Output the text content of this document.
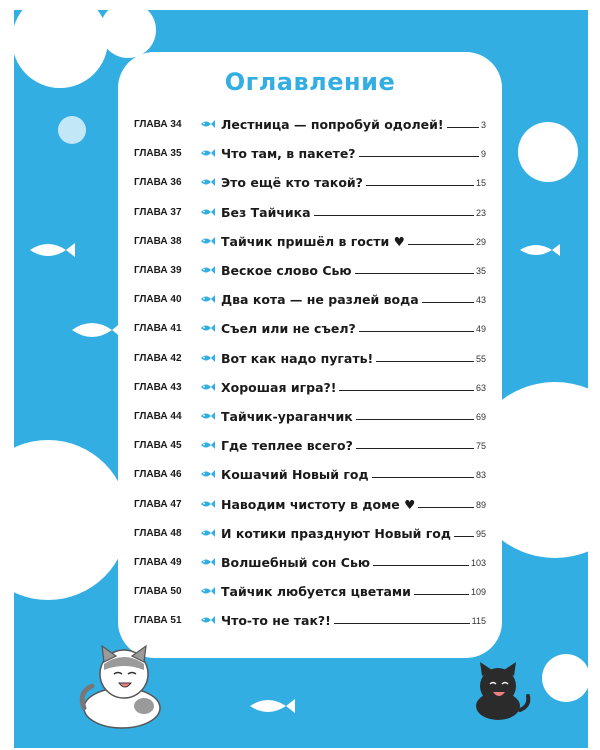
Оглавление
ГЛАВА 34	Лестница — попробуй одолей!	3
ГЛАВА 35	Что там, в пакете?	9
ГЛАВА 36	Это ещё кто такой?	15
ГЛАВА 37	Без Тайчика	23
ГЛАВА 38	Тайчик пришёл в гости ♥	29
ГЛАВА 39	Веское слово Сью	35
ГЛАВА 40	Два кота — не разлей вода	43
ГЛАВА 41	Съел или не съел?	49
ГЛАВА 42	Вот как надо пугать!	55
ГЛАВА 43	Хорошая игра?!	63
ГЛАВА 44	Тайчик-ураганчик	69
ГЛАВА 45	Где теплее всего?	75
ГЛАВА 46	Кошачий Новый год	83
ГЛАВА 47	Наводим чистоту в доме ♥	89
ГЛАВА 48	И котики празднуют Новый год	95
ГЛАВА 49	Волшебный сон Сью	103
ГЛАВА 50	Тайчик любуется цветами	109
ГЛАВА 51	Что-то не так?!	115
